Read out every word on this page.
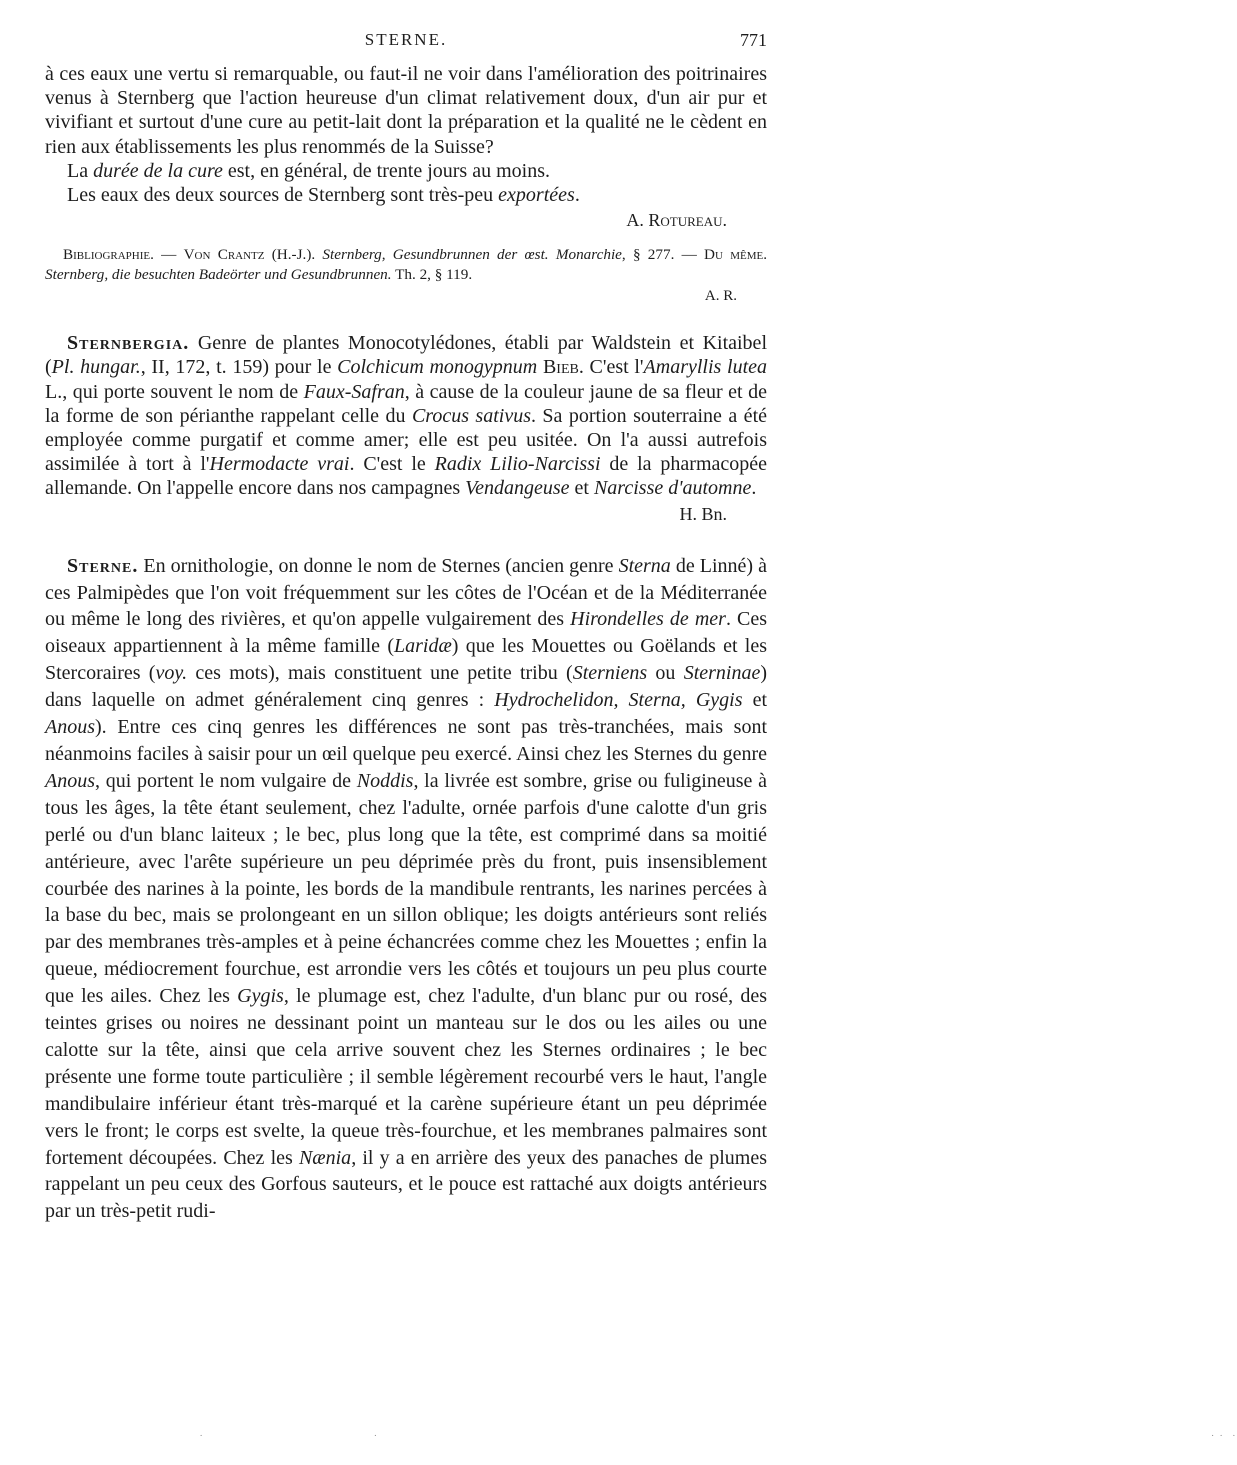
STERNE.	771

à ces eaux une vertu si remarquable, ou faut-il ne voir dans l'amélioration des poitrinaires venus à Sternberg que l'action heureuse d'un climat relativement doux, d'un air pur et vivifiant et surtout d'une cure au petit-lait dont la préparation et la qualité ne le cèdent en rien aux établissements les plus renommés de la Suisse?

La durée de la cure est, en général, de trente jours au moins.

Les eaux des deux sources de Sternberg sont très-peu exportées.

A. Rotureau.

Bibliographie. — Von Crantz (H.-J.). Sternberg, Gesundbrunnen der œst. Monarchie, § 277. — Du même. Sternberg, die besuchten Badeörter und Gesundbrunnen. Th. 2, § 119.

A. R.

Sternbergia. Genre de plantes Monocotylédones, établi par Waldstein et Kitaibel (Pl. hungar., II, 172, t. 159) pour le Colchicum monogypnum Bieb. C'est l'Amaryllis lutea L., qui porte souvent le nom de Faux-Safran, à cause de la couleur jaune de sa fleur et de la forme de son périanthe rappelant celle du Crocus sativus. Sa portion souterraine a été employée comme purgatif et comme amer; elle est peu usitée. On l'a aussi autrefois assimilée à tort à l'Hermodacte vrai. C'est le Radix Lilio-Narcissi de la pharmacopée allemande. On l'appelle encore dans nos campagnes Vendangeuse et Narcisse d'automne.

H. Bn.

Sterne. En ornithologie, on donne le nom de Sternes (ancien genre Sterna de Linné) à ces Palmipèdes que l'on voit fréquemment sur les côtes de l'Océan et de la Méditerranée ou même le long des rivières, et qu'on appelle vulgairement des Hirondelles de mer. Ces oiseaux appartiennent à la même famille (Laridæ) que les Mouettes ou Goëlands et les Stercoraires (voy. ces mots), mais constituent une petite tribu (Sterniens ou Sterninae) dans laquelle on admet généralement cinq genres : Hydrochelidon, Sterna, Gygis et Anous). Entre ces cinq genres les différences ne sont pas très-tranchées, mais sont néanmoins faciles à saisir pour un œil quelque peu exercé. Ainsi chez les Sternes du genre Anous, qui portent le nom vulgaire de Noddis, la livrée est sombre, grise ou fuligineuse à tous les âges, la tête étant seulement, chez l'adulte, ornée parfois d'une calotte d'un gris perlé ou d'un blanc laiteux ; le bec, plus long que la tête, est comprimé dans sa moitié antérieure, avec l'arête supérieure un peu déprimée près du front, puis insensiblement courbée des narines à la pointe, les bords de la mandibule rentrants, les narines percées à la base du bec, mais se prolongeant en un sillon oblique; les doigts antérieurs sont reliés par des membranes très-amples et à peine échancrées comme chez les Mouettes ; enfin la queue, médiocrement fourchue, est arrondie vers les côtés et toujours un peu plus courte que les ailes. Chez les Gygis, le plumage est, chez l'adulte, d'un blanc pur ou rosé, des teintes grises ou noires ne dessinant point un manteau sur le dos ou les ailes ou une calotte sur la tête, ainsi que cela arrive souvent chez les Sternes ordinaires ; le bec présente une forme toute particulière ; il semble légèrement recourbé vers le haut, l'angle mandibulaire inférieur étant très-marqué et la carène supérieure étant un peu déprimée vers le front; le corps est svelte, la queue très-fourchue, et les membranes palmaires sont fortement découpées. Chez les Nænia, il y a en arrière des yeux des panaches de plumes rappelant un peu ceux des Gorfous sauteurs, et le pouce est rattaché aux doigts antérieurs par un très-petit rudi-

.                                        .                                                                                                                                                                                                    . .  .
